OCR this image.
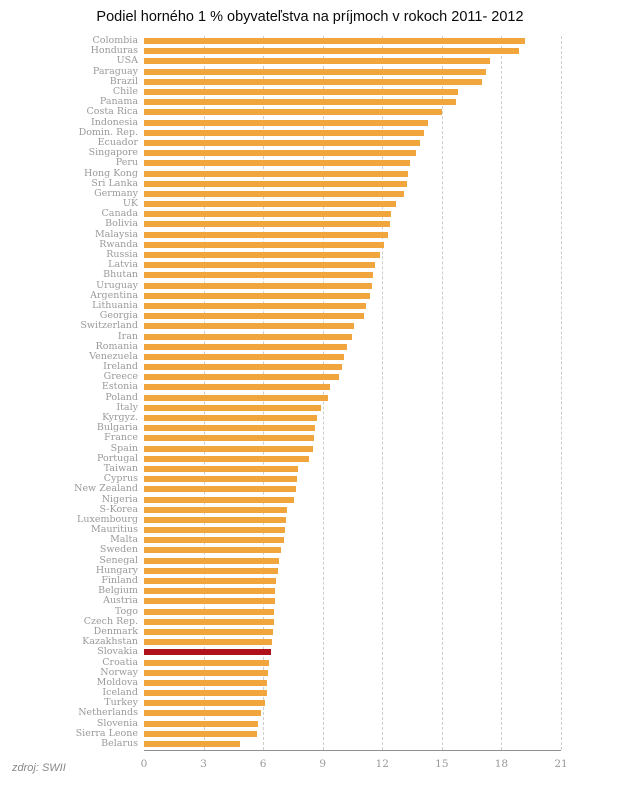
Podiel horného 1 % obyvateľstva na príjmoch v rokoch 2011- 2012
Colombia
Honduras
USA
Paraguay
Brazil
Chile
Panama
Costa Rica
Indonesia
Domin. Rep.
Ecuador
Singapore
Peru
Hong Kong
Sri Lanka
Germany
UK
Canada
Bolivia
Malaysia
Rwanda
Russia
Latvia
Bhutan
Uruguay
Argentina
Lithuania
Georgia
Switzerland
Iran
Romania
Venezuela
Ireland
Greece
Estonia
Poland
Italy
Kyrgyz.
Bulgaria
France
Spain
Portugal
Taiwan
Cyprus
New Zealand
Nigeria
S-Korea
Luxembourg
Mauritius
Malta
Sweden
Senegal
Hungary
Finland
Belgium
Austria
Togo
Czech Rep.
Denmark
Kazakhstan
Slovakia
Croatia
Norway
Moldova
Iceland
Turkey
Netherlands
Slovenia
Sierra Leone
Belarus
0	3	6	9	12	15	18	21
zdroj: SWII
